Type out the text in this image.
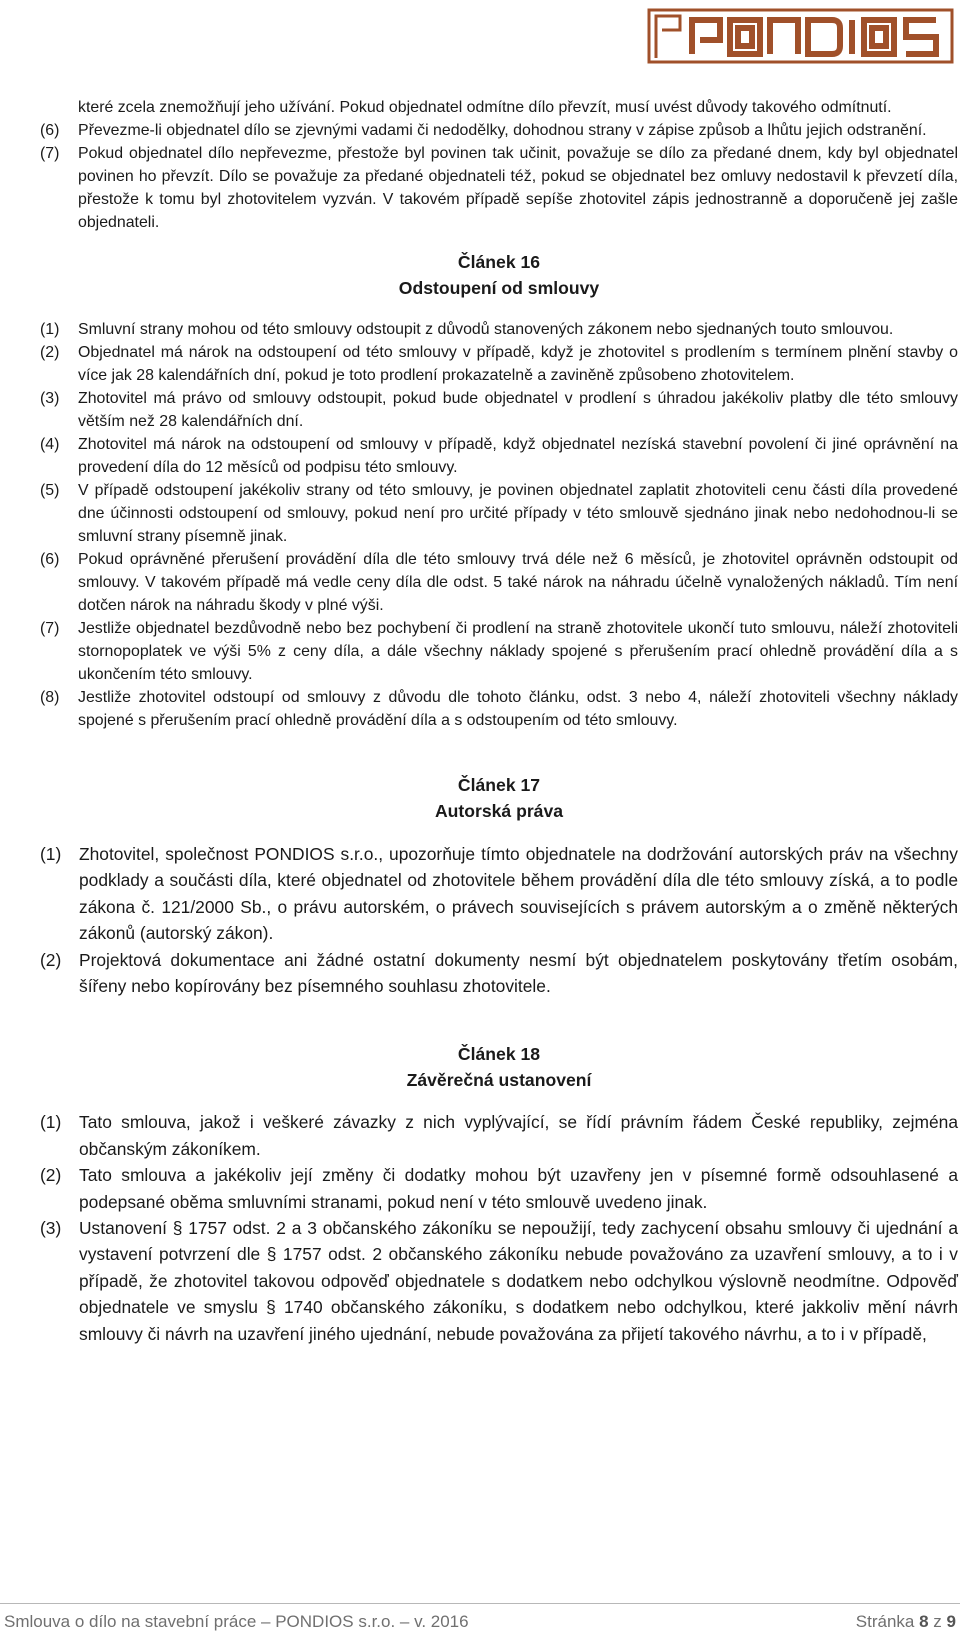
které zcela znemožňují jeho užívání. Pokud objednatel odmítne dílo převzít, musí uvést důvody takového odmítnutí.
(6)	Převezme-li objednatel dílo se zjevnými vadami či nedodělky, dohodnou strany v zápise způsob a lhůtu jejich odstranění.
(7)	Pokud objednatel dílo nepřevezme, přestože byl povinen tak učinit, považuje se dílo za předané dnem, kdy byl objednatel povinen ho převzít. Dílo se považuje za předané objednateli též, pokud se objednatel bez omluvy nedostavil k převzetí díla, přestože k tomu byl zhotovitelem vyzván. V takovém případě sepíše zhotovitel zápis jednostranně a doporučeně jej zašle objednateli.
Článek 16
Odstoupení od smlouvy
(1)	Smluvní strany mohou od této smlouvy odstoupit z důvodů stanovených zákonem nebo sjednaných touto smlouvou.
(2)	Objednatel má nárok na odstoupení od této smlouvy v případě, když je zhotovitel s prodlením s termínem plnění stavby o více jak 28 kalendářních dní, pokud je toto prodlení prokazatelně a zaviněně způsobeno zhotovitelem.
(3)	Zhotovitel má právo od smlouvy odstoupit, pokud bude objednatel v prodlení s úhradou jakékoliv platby dle této smlouvy větším než 28 kalendářních dní.
(4)	Zhotovitel má nárok na odstoupení od smlouvy v případě, když objednatel nezíská stavební povolení či jiné oprávnění na provedení díla do 12 měsíců od podpisu této smlouvy.
(5)	V případě odstoupení jakékoliv strany od této smlouvy, je povinen objednatel zaplatit zhotoviteli cenu části díla provedené dne účinnosti odstoupení od smlouvy, pokud není pro určité případy v této smlouvě sjednáno jinak nebo nedohodnou-li se smluvní strany písemně jinak.
(6)	Pokud oprávněné přerušení provádění díla dle této smlouvy trvá déle než 6 měsíců, je zhotovitel oprávněn odstoupit od smlouvy. V takovém případě má vedle ceny díla dle odst. 5 také nárok na náhradu účelně vynaložených nákladů. Tím není dotčen nárok na náhradu škody v plné výši.
(7)	Jestliže objednatel bezdůvodně nebo bez pochybení či prodlení na straně zhotovitele ukončí tuto smlouvu, náleží zhotoviteli stornopoplatek ve výši 5% z ceny díla, a dále všechny náklady spojené s přerušením prací ohledně provádění díla a s ukončením této smlouvy.
(8)	Jestliže zhotovitel odstoupí od smlouvy z důvodu dle tohoto článku, odst. 3 nebo 4, náleží zhotoviteli všechny náklady spojené s přerušením prací ohledně provádění díla a s odstoupením od této smlouvy.
Článek 17
Autorská práva
(1)	Zhotovitel, společnost PONDIOS s.r.o., upozorňuje tímto objednatele na dodržování autorských práv na všechny podklady a součásti díla, které objednatel od zhotovitele během provádění díla dle této smlouvy získá, a to podle zákona č. 121/2000 Sb., o právu autorském, o právech souvisejících s právem autorským a o změně některých zákonů (autorský zákon).
(2)	Projektová dokumentace ani žádné ostatní dokumenty nesmí být objednatelem poskytovány třetím osobám, šířeny nebo kopírovány bez písemného souhlasu zhotovitele.
Článek 18
Závěrečná ustanovení
(1)	Tato smlouva, jakož i veškeré závazky z nich vyplývající, se řídí právním řádem České republiky, zejména občanským zákoníkem.
(2)	Tato smlouva a jakékoliv její změny či dodatky mohou být uzavřeny jen v písemné formě odsouhlasené a podepsané oběma smluvními stranami, pokud není v této smlouvě uvedeno jinak.
(3)	Ustanovení § 1757 odst. 2 a 3 občanského zákoníku se nepoužijí, tedy zachycení obsahu smlouvy či ujednání a vystavení potvrzení dle § 1757 odst. 2 občanského zákoníku nebude považováno za uzavření smlouvy, a to i v případě, že zhotovitel takovou odpověď objednatele s dodatkem nebo odchylkou výslovně neodmítne. Odpověď objednatele ve smyslu § 1740 občanského zákoníku, s dodatkem nebo odchylkou, které jakkoliv mění návrh smlouvy či návrh na uzavření jiného ujednání, nebude považována za přijetí takového návrhu, a to i v případě,
Smlouva o dílo na stavební práce – PONDIOS s.r.o. – v. 2016	Stránka 8 z 9
